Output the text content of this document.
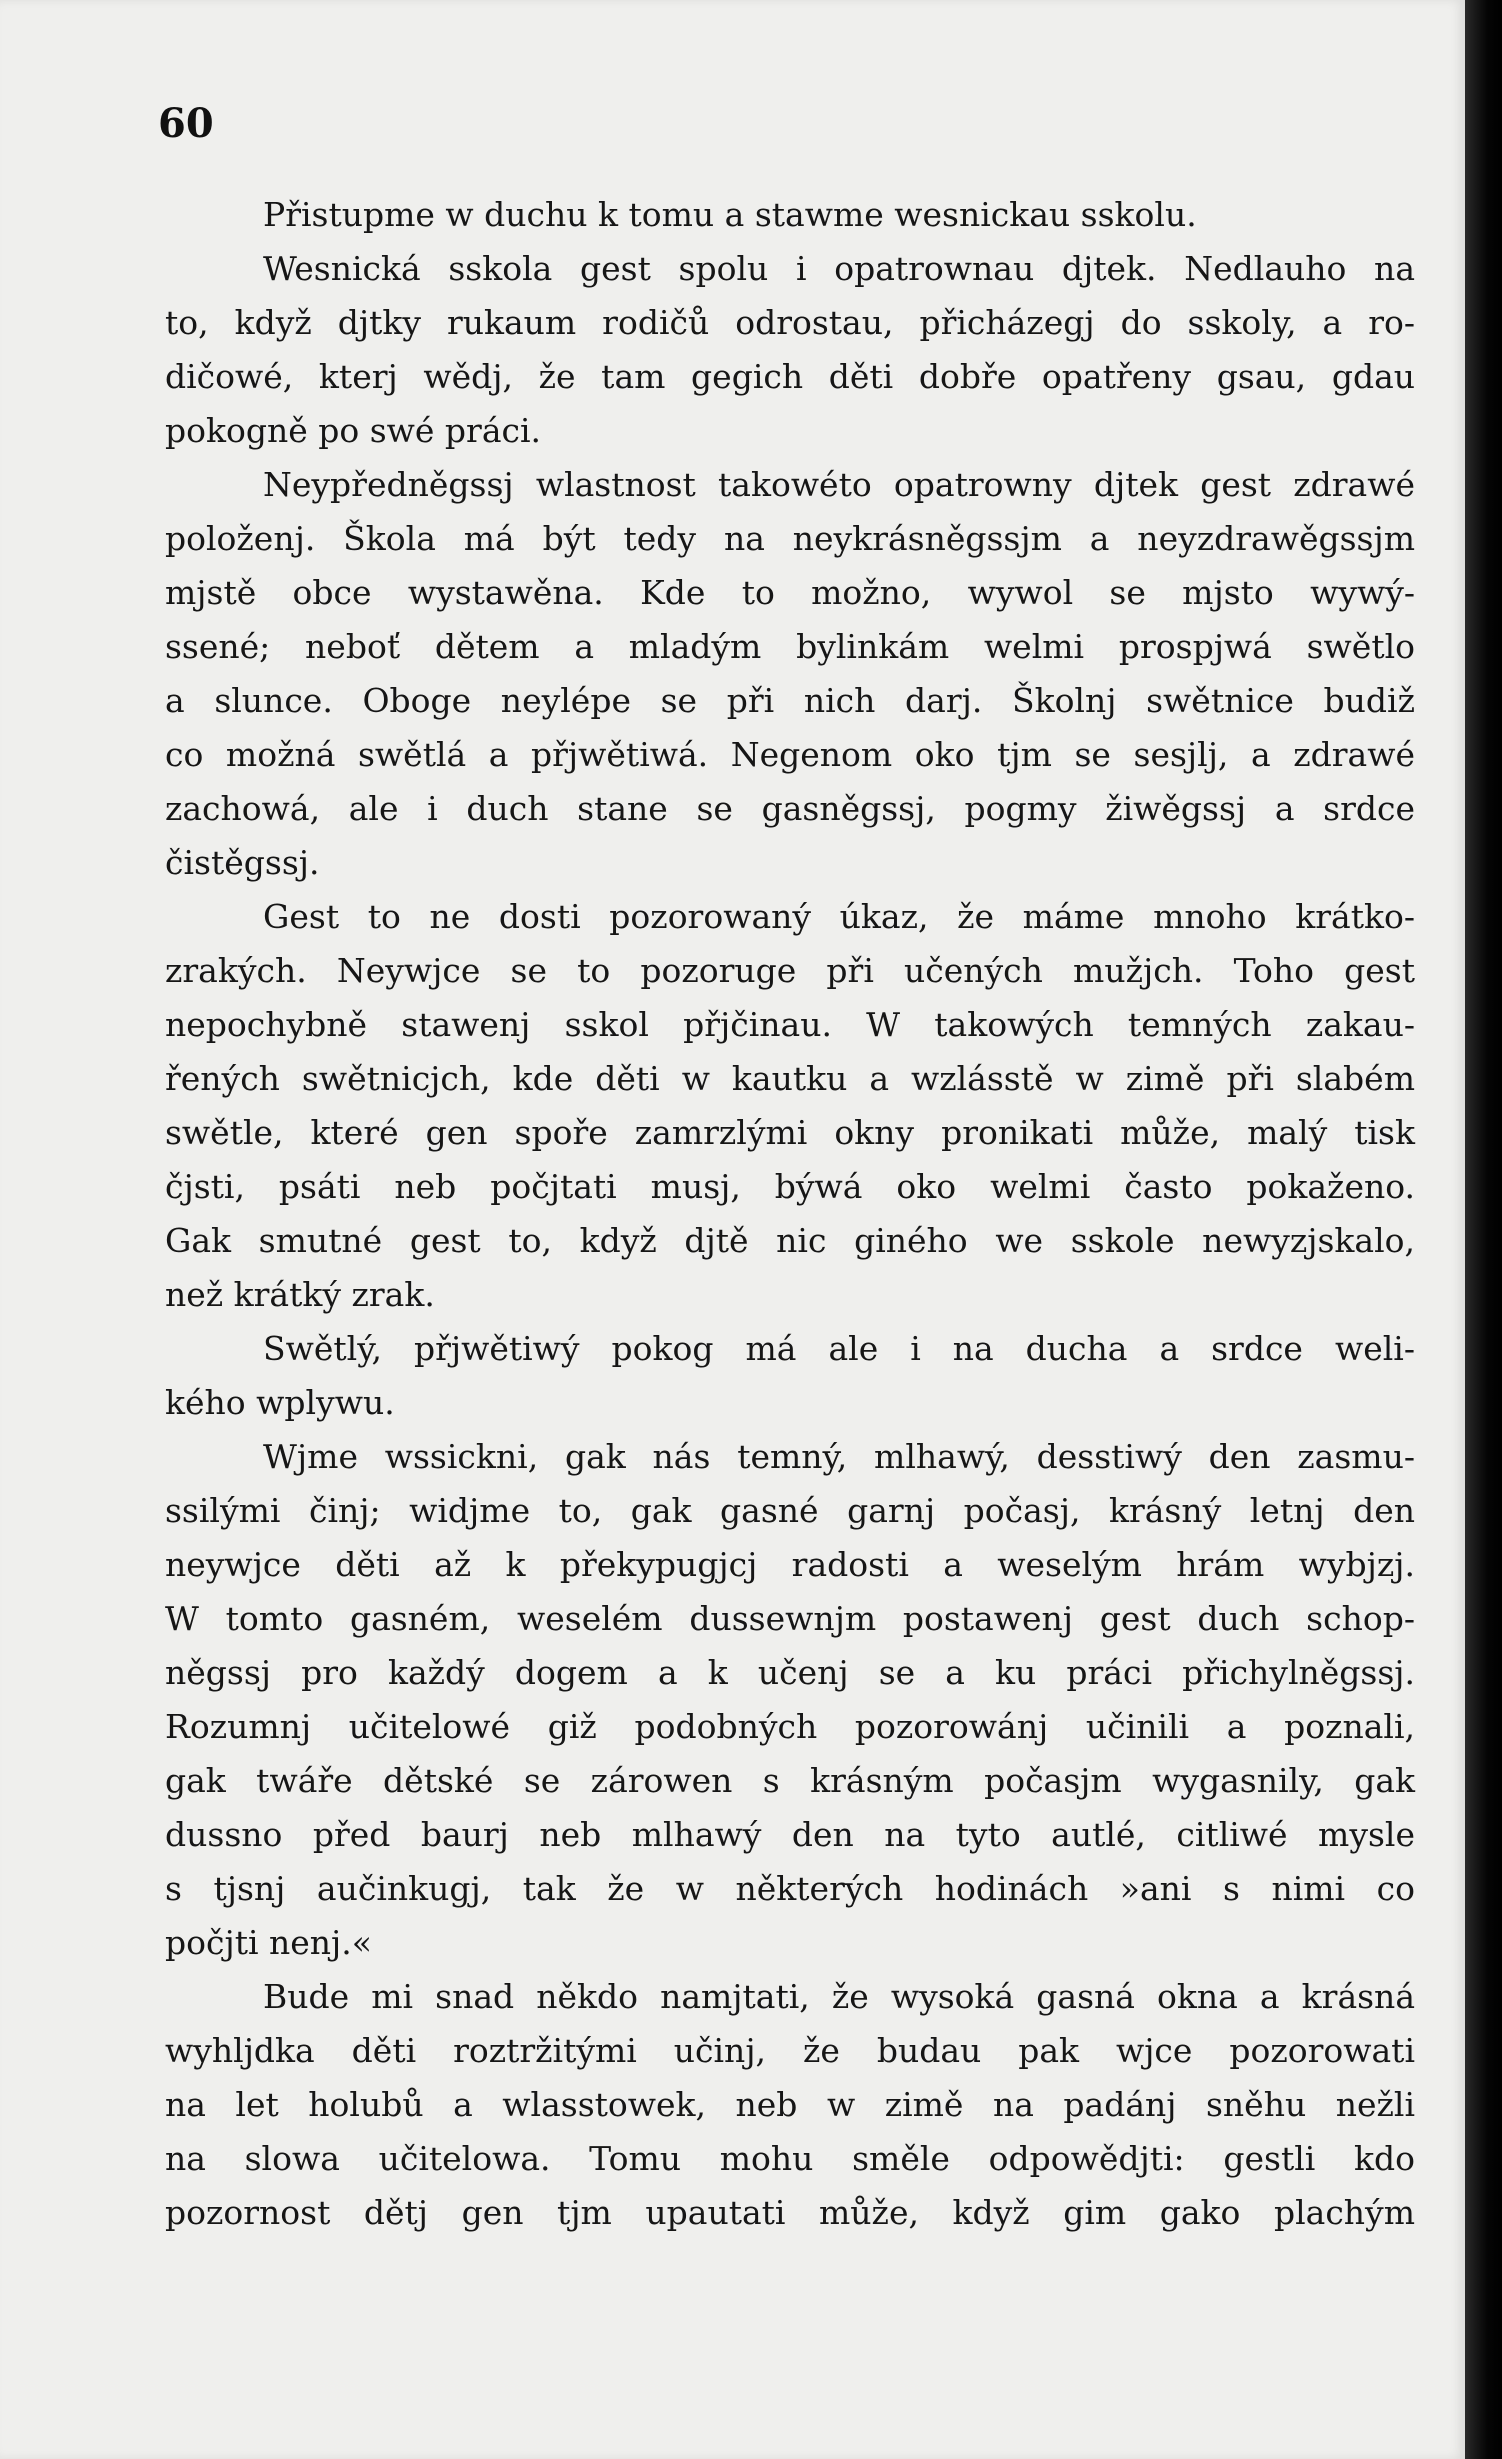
60
Přistupme w duchu k tomu a stawme wesnickau sskolu.
Wesnická sskola gest spolu i opatrownau djtek. Nedlauho na
to, když djtky rukaum rodičů odrostau, přicházegj do sskoly, a ro-
dičowé, kterj wědj, že tam gegich děti dobře opatřeny gsau, gdau
pokogně po swé práci.
Neypředněgssj wlastnost takowéto opatrowny djtek gest zdrawé
položenj. Škola má být tedy na neykrásněgssjm a neyzdrawěgssjm
mjstě obce wystawěna. Kde to možno, wywol se mjsto wywý-
ssené; neboť dětem a mladým bylinkám welmi prospjwá swětlo
a slunce. Oboge neylépe se při nich darj. Školnj swětnice budiž
co možná swětlá a přjwětiwá. Negenom oko tjm se sesjlj, a zdrawé
zachowá, ale i duch stane se gasněgssj, pogmy žiwěgssj a srdce
čistěgssj.
Gest to ne dosti pozorowaný úkaz, že máme mnoho krátko-
zrakých. Neywjce se to pozoruge při učených mužjch. Toho gest
nepochybně stawenj sskol přjčinau. W takowých temných zakau-
řených swětnicjch, kde děti w kautku a wzlásstě w zimě při slabém
swětle, které gen spoře zamrzlými okny pronikati může, malý tisk
čjsti, psáti neb počjtati musj, býwá oko welmi často pokaženo.
Gak smutné gest to, když djtě nic giného we sskole newyzjskalo,
než krátký zrak.
Swětlý, přjwětiwý pokog má ale i na ducha a srdce weli-
kého wplywu.
Wjme wssickni, gak nás temný, mlhawý, desstiwý den zasmu-
ssilými činj; widjme to, gak gasné garnj počasj, krásný letnj den
neywjce děti až k překypugjcj radosti a weselým hrám wybjzj.
W tomto gasném, weselém dussewnjm postawenj gest duch schop-
něgssj pro každý dogem a k učenj se a ku práci přichylněgssj.
Rozumnj učitelowé giž podobných pozorowánj učinili a poznali,
gak twáře dětské se zárowen s krásným počasjm wygasnily, gak
dussno před baurj neb mlhawý den na tyto autlé, citliwé mysle
s tjsnj aučinkugj, tak že w některých hodinách »ani s nimi co
počjti nenj.«
Bude mi snad někdo namjtati, že wysoká gasná okna a krásná
wyhljdka děti roztržitými učinj, že budau pak wjce pozorowati
na let holubů a wlasstowek, neb w zimě na padánj sněhu nežli
na slowa učitelowa. Tomu mohu směle odpowědjti: gestli kdo
pozornost dětj gen tjm upautati může, když gim gako plachým
